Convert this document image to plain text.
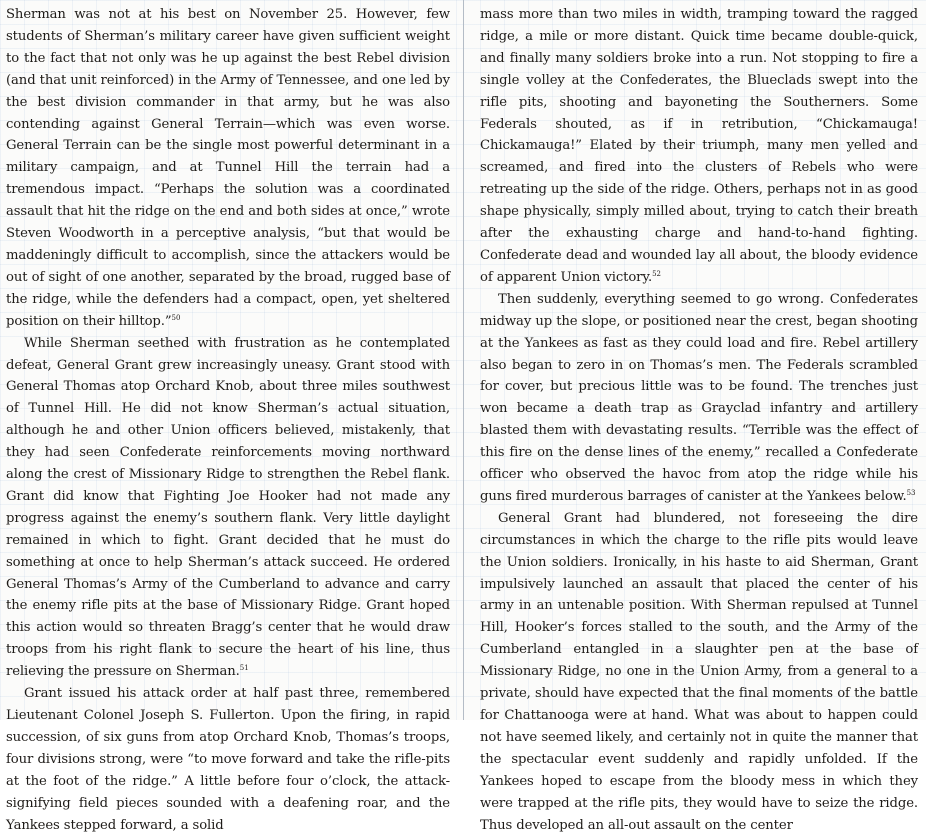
Sherman was not at his best on November 25. However, few students of Sherman’s military career have given sufficient weight to the fact that not only was he up against the best Rebel division (and that unit reinforced) in the Army of Tennessee, and one led by the best division commander in that army, but he was also contending against General Terrain—which was even worse. General Terrain can be the single most powerful determinant in a military campaign, and at Tunnel Hill the terrain had a tremendous impact. “Perhaps the solution was a coordinated assault that hit the ridge on the end and both sides at once,” wrote Steven Woodworth in a perceptive analysis, “but that would be maddeningly difficult to accomplish, since the attackers would be out of sight of one another, separated by the broad, rugged base of the ridge, while the defenders had a compact, open, yet sheltered position on their hilltop.”$^{50}$

While Sherman seethed with frustration as he contemplated defeat, General Grant grew increasingly uneasy. Grant stood with General Thomas atop Orchard Knob, about three miles southwest of Tunnel Hill. He did not know Sherman’s actual situation, although he and other Union officers believed, mistakenly, that they had seen Confederate reinforcements moving northward along the crest of Missionary Ridge to strengthen the Rebel flank. Grant did know that Fighting Joe Hooker had not made any progress against the enemy’s southern flank. Very little daylight remained in which to fight. Grant decided that he must do something at once to help Sherman’s attack succeed. He ordered General Thomas’s Army of the Cumberland to advance and carry the enemy rifle pits at the base of Missionary Ridge. Grant hoped this action would so threaten Bragg’s center that he would draw troops from his right flank to secure the heart of his line, thus relieving the pressure on Sherman.$^{51}$

Grant issued his attack order at half past three, remembered Lieutenant Colonel Joseph S. Fullerton. Upon the firing, in rapid succession, of six guns from atop Orchard Knob, Thomas’s troops, four divisions strong, were “to move forward and take the rifle-pits at the foot of the ridge.” A little before four o’clock, the attack-signifying field pieces sounded with a deafening roar, and the Yankees stepped forward, a solid

mass more than two miles in width, tramping toward the ragged ridge, a mile or more distant. Quick time became double-quick, and finally many soldiers broke into a run. Not stopping to fire a single volley at the Confederates, the Blueclads swept into the rifle pits, shooting and bayoneting the Southerners. Some Federals shouted, as if in retribution, “Chickamauga! Chickamauga!” Elated by their triumph, many men yelled and screamed, and fired into the clusters of Rebels who were retreating up the side of the ridge. Others, perhaps not in as good shape physically, simply milled about, trying to catch their breath after the exhausting charge and hand-to-hand fighting. Confederate dead and wounded lay all about, the bloody evidence of apparent Union victory.$^{52}$

Then suddenly, everything seemed to go wrong. Confederates midway up the slope, or positioned near the crest, began shooting at the Yankees as fast as they could load and fire. Rebel artillery also began to zero in on Thomas’s men. The Federals scrambled for cover, but precious little was to be found. The trenches just won became a death trap as Grayclad infantry and artillery blasted them with devastating results. “Terrible was the effect of this fire on the dense lines of the enemy,” recalled a Confederate officer who observed the havoc from atop the ridge while his guns fired murderous barrages of canister at the Yankees below.$^{53}$

General Grant had blundered, not foreseeing the dire circumstances in which the charge to the rifle pits would leave the Union soldiers. Ironically, in his haste to aid Sherman, Grant impulsively launched an assault that placed the center of his army in an untenable position. With Sherman repulsed at Tunnel Hill, Hooker’s forces stalled to the south, and the Army of the Cumberland entangled in a slaughter pen at the base of Missionary Ridge, no one in the Union Army, from a general to a private, should have expected that the final moments of the battle for Chattanooga were at hand. What was about to happen could not have seemed likely, and certainly not in quite the manner that the spectacular event suddenly and rapidly unfolded. If the Yankees hoped to escape from the bloody mess in which they were trapped at the rifle pits, they would have to seize the ridge. Thus developed an all-out assault on the center
